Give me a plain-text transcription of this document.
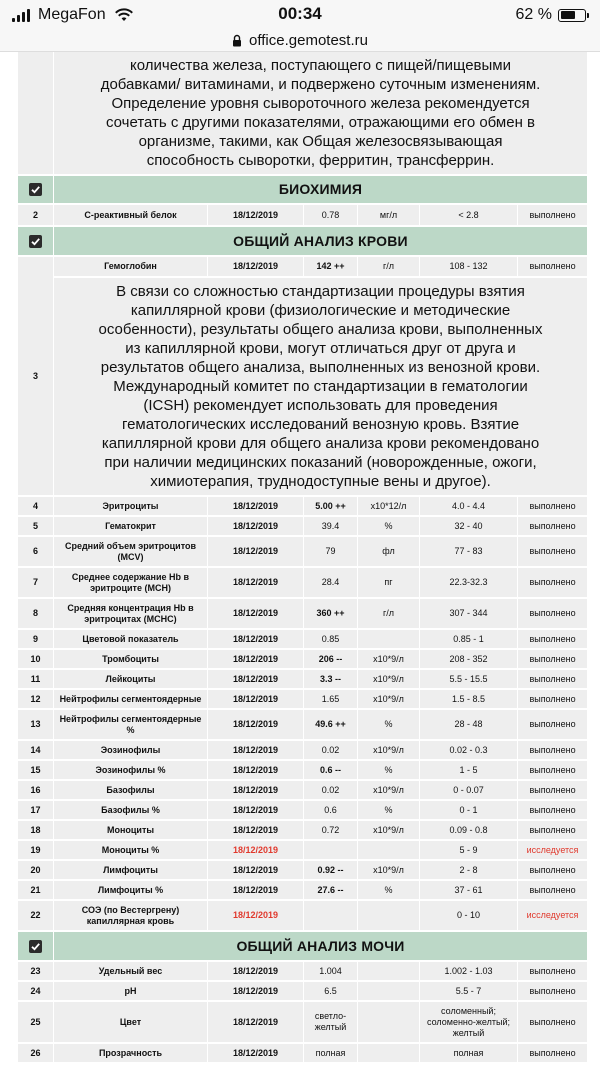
MegaFon	00:34	62 %
office.gemotest.ru
	количества железа, поступающего с пищей/пищевыми добавками/ витаминами, и подвержено суточным изменениям. Определение уровня сывороточного железа рекомендуется сочетать с другими показателями, отражающими его обмен в организме, такими, как Общая железосвязывающая способность сыворотки, ферритин, трансферрин.					

	БИОХИМИЯ					
2	С-реактивный белок	18/12/2019	0.78	мг/л	< 2.8	выполнено

	ОБЩИЙ АНАЛИЗ КРОВИ					
3	Гемоглобин	18/12/2019	142 ++	г/л	108 - 132	выполнено
	В связи со сложностью стандартизации процедуры взятия капиллярной крови (физиологические и методические особенности), результаты общего анализа крови, выполненных из капиллярной крови, могут отличаться друг от друга и результатов общего анализа, выполненных из венозной крови. Международный комитет по стандартизации в гематологии (ICSH) рекомендует использовать для проведения гематологических исследований венозную кровь. Взятие капиллярной крови для общего анализа крови рекомендовано при наличии медицинских показаний (новорожденные, ожоги, химиотерапия, труднодоступные вены и другое).					
4	Эритроциты	18/12/2019	5.00 ++	x10*12/л	4.0 - 4.4	выполнено
5	Гематокрит	18/12/2019	39.4	%	32 - 40	выполнено
6	Средний объем эритроцитов (MCV)	18/12/2019	79	фл	77 - 83	выполнено
7	Среднее содержание Hb в эритроците (MCH)	18/12/2019	28.4	пг	22.3-32.3	выполнено
8	Средняя концентрация Hb в эритроцитах (MCHC)	18/12/2019	360 ++	г/л	307 - 344	выполнено
9	Цветовой показатель	18/12/2019	0.85		0.85 - 1	выполнено
10	Тромбоциты	18/12/2019	206 --	x10*9/л	208 - 352	выполнено
11	Лейкоциты	18/12/2019	3.3 --	x10*9/л	5.5 - 15.5	выполнено
12	Нейтрофилы сегментоядерные	18/12/2019	1.65	x10*9/л	1.5 - 8.5	выполнено
13	Нейтрофилы сегментоядерные %	18/12/2019	49.6 ++	%	28 - 48	выполнено
14	Эозинофилы	18/12/2019	0.02	x10*9/л	0.02 - 0.3	выполнено
15	Эозинофилы %	18/12/2019	0.6 --	%	1 - 5	выполнено
16	Базофилы	18/12/2019	0.02	x10*9/л	0 - 0.07	выполнено
17	Базофилы %	18/12/2019	0.6	%	0 - 1	выполнено
18	Моноциты	18/12/2019	0.72	x10*9/л	0.09 - 0.8	выполнено
19	Моноциты %	18/12/2019			5 - 9	исследуется
20	Лимфоциты	18/12/2019	0.92 --	x10*9/л	2 - 8	выполнено
21	Лимфоциты %	18/12/2019	27.6 --	%	37 - 61	выполнено
22	СОЭ (по Вестергрену) капиллярная кровь	18/12/2019			0 - 10	исследуется

	ОБЩИЙ АНАЛИЗ МОЧИ					
23	Удельный вес	18/12/2019	1.004		1.002 - 1.03	выполнено
24	pH	18/12/2019	6.5		5.5 - 7	выполнено
25	Цвет	18/12/2019	светло-желтый		соломенный; соломенно-желтый; желтый	выполнено
26	Прозрачность	18/12/2019	полная		полная	выполнено
